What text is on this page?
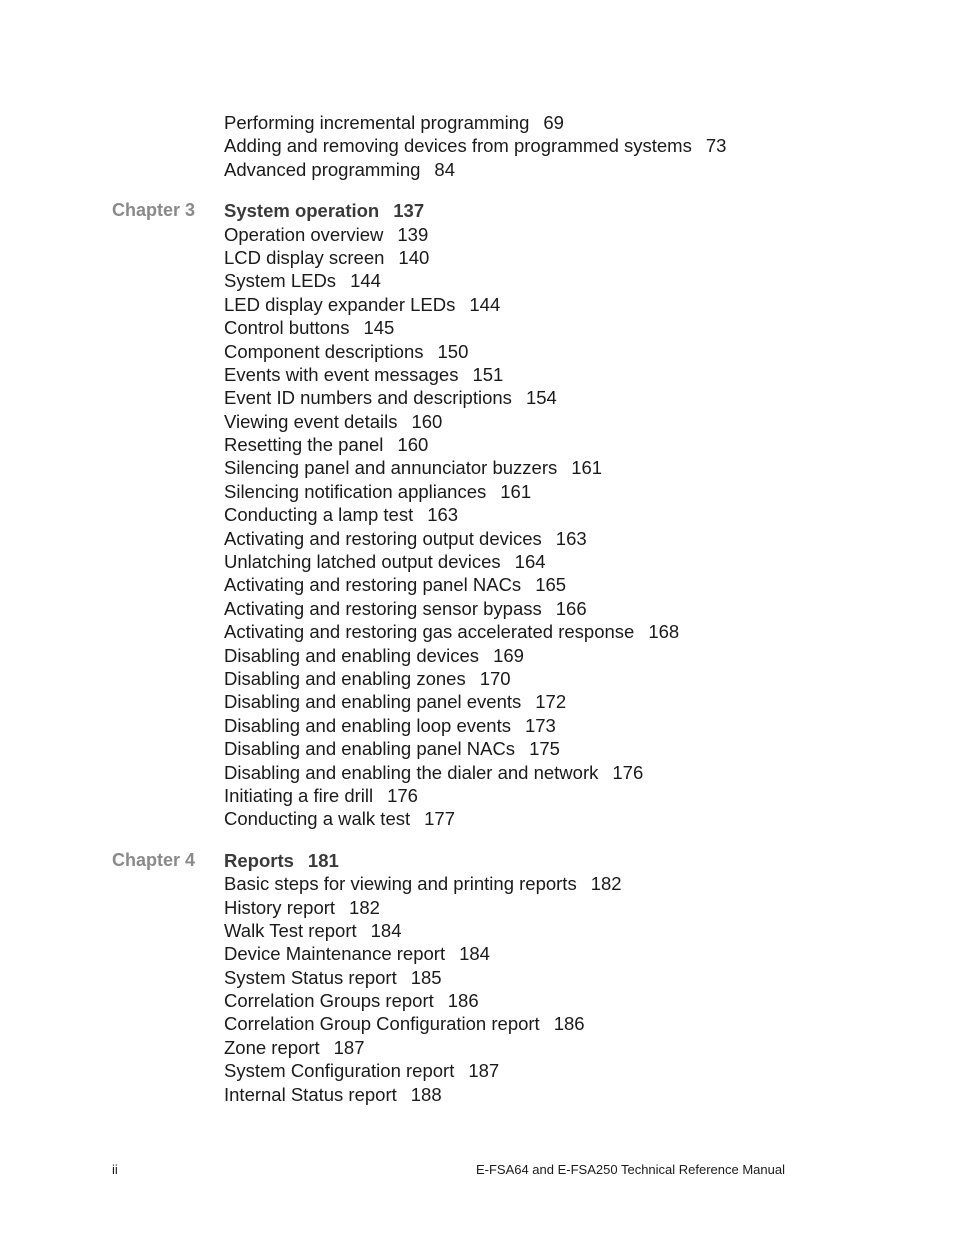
Performing incremental programming 69
Adding and removing devices from programmed systems 73
Advanced programming 84
Chapter 3 System operation 137
Operation overview 139
LCD display screen 140
System LEDs 144
LED display expander LEDs 144
Control buttons 145
Component descriptions 150
Events with event messages 151
Event ID numbers and descriptions 154
Viewing event details 160
Resetting the panel 160
Silencing panel and annunciator buzzers 161
Silencing notification appliances 161
Conducting a lamp test 163
Activating and restoring output devices 163
Unlatching latched output devices 164
Activating and restoring panel NACs 165
Activating and restoring sensor bypass 166
Activating and restoring gas accelerated response 168
Disabling and enabling devices 169
Disabling and enabling zones 170
Disabling and enabling panel events 172
Disabling and enabling loop events 173
Disabling and enabling panel NACs 175
Disabling and enabling the dialer and network 176
Initiating a fire drill 176
Conducting a walk test 177
Chapter 4 Reports 181
Basic steps for viewing and printing reports 182
History report 182
Walk Test report 184
Device Maintenance report 184
System Status report 185
Correlation Groups report 186
Correlation Group Configuration report 186
Zone report 187
System Configuration report 187
Internal Status report 188
ii	E-FSA64 and E-FSA250 Technical Reference Manual
